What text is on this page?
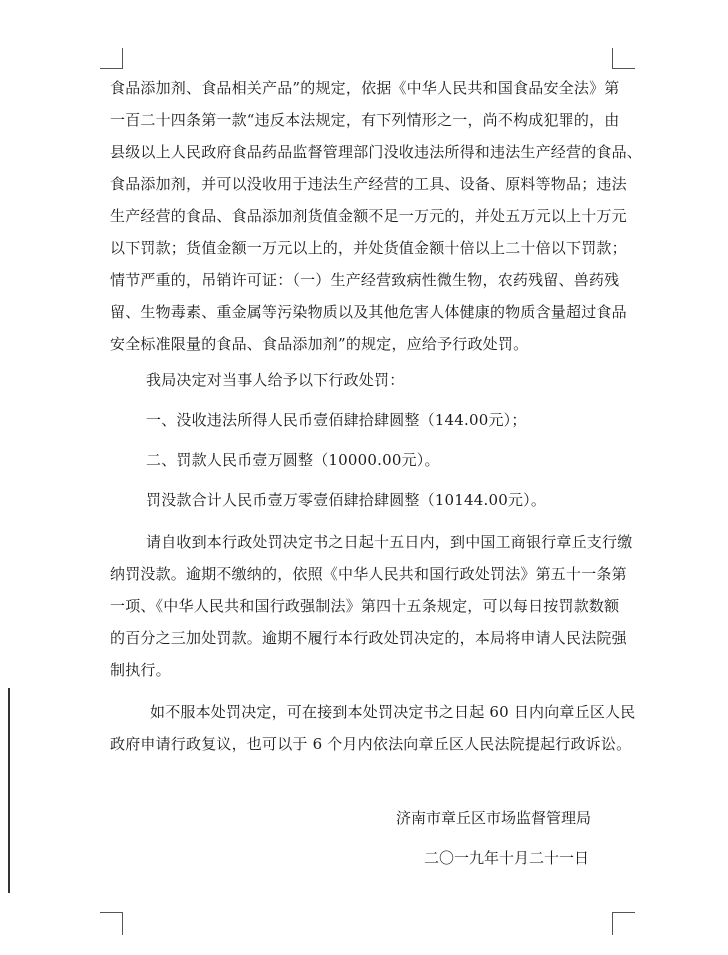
食品添加剂、食品相关产品”的规定，依据《中华人民共和国食品安全法》第
一百二十四条第一款“违反本法规定，有下列情形之一，尚不构成犯罪的，由
县级以上人民政府食品药品监督管理部门没收违法所得和违法生产经营的食品、
食品添加剂，并可以没收用于违法生产经营的工具、设备、原料等物品；违法
生产经营的食品、食品添加剂货值金额不足一万元的，并处五万元以上十万元
以下罚款；货值金额一万元以上的，并处货值金额十倍以上二十倍以下罚款；
情节严重的，吊销许可证：（一）生产经营致病性微生物，农药残留、兽药残
留、生物毒素、重金属等污染物质以及其他危害人体健康的物质含量超过食品
安全标准限量的食品、食品添加剂”的规定，应给予行政处罚。
我局决定对当事人给予以下行政处罚：
一、没收违法所得人民币壹佰肆拾肆圆整（144.00元）；
二、罚款人民币壹万圆整（10000.00元）。
罚没款合计人民币壹万零壹佰肆拾肆圆整（10144.00元）。
请自收到本行政处罚决定书之日起十五日内，到中国工商银行章丘支行缴
纳罚没款。逾期不缴纳的，依照《中华人民共和国行政处罚法》第五十一条第
一项、《中华人民共和国行政强制法》第四十五条规定，可以每日按罚款数额
的百分之三加处罚款。逾期不履行本行政处罚决定的，本局将申请人民法院强
制执行。
如不服本处罚决定，可在接到本处罚决定书之日起 60 日内向章丘区人民
政府申请行政复议，也可以于 6 个月内依法向章丘区人民法院提起行政诉讼。

济南市章丘区市场监督管理局

二〇一九年十月二十一日
